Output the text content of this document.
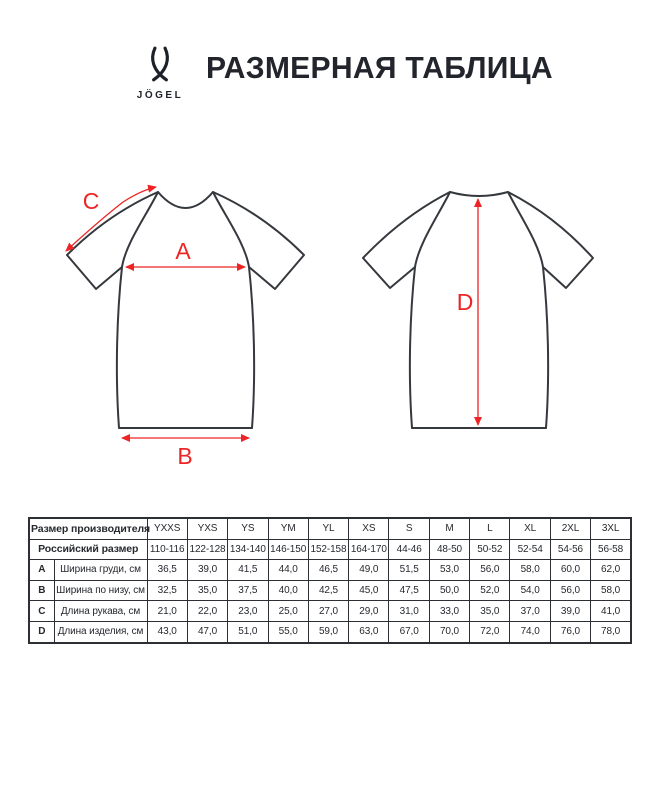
JÖGEL
РАЗМЕРНАЯ ТАБЛИЦА
A
B
C
D
Размер производителя		YXXS	YXS	YS	YM	YL	XS	S	M	L	XL	2XL	3XL
Российский размер		110-116	122-128	134-140	146-150	152-158	164-170	44-46	48-50	50-52	52-54	54-56	56-58
A	Ширина груди, см	36,5	39,0	41,5	44,0	46,5	49,0	51,5	53,0	56,0	58,0	60,0	62,0
B	Ширина по низу, см	32,5	35,0	37,5	40,0	42,5	45,0	47,5	50,0	52,0	54,0	56,0	58,0
C	Длина рукава, см	21,0	22,0	23,0	25,0	27,0	29,0	31,0	33,0	35,0	37,0	39,0	41,0
D	Длина изделия, см	43,0	47,0	51,0	55,0	59,0	63,0	67,0	70,0	72,0	74,0	76,0	78,0
